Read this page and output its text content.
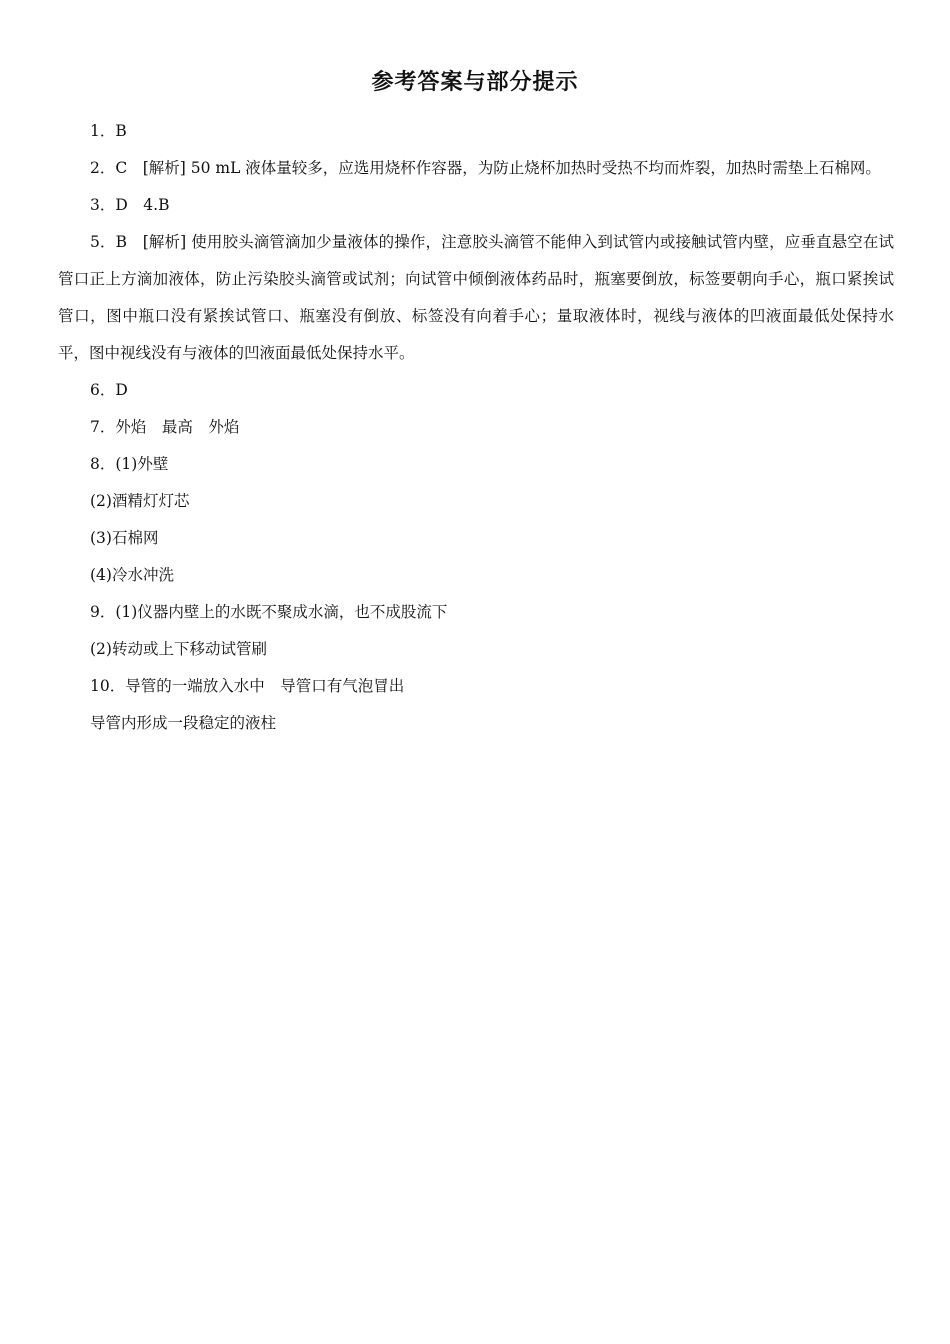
参考答案与部分提示
1．B
2．C　[解析] 50 mL 液体量较多，应选用烧杯作容器，为防止烧杯加热时受热不均而炸裂，加热时需垫上石棉网。
3．D　4.B
5．B　[解析] 使用胶头滴管滴加少量液体的操作，注意胶头滴管不能伸入到试管内或接触试管内壁，应垂直悬空在试管口正上方滴加液体，防止污染胶头滴管或试剂；向试管中倾倒液体药品时，瓶塞要倒放，标签要朝向手心，瓶口紧挨试管口，图中瓶口没有紧挨试管口、瓶塞没有倒放、标签没有向着手心；量取液体时，视线与液体的凹液面最低处保持水平，图中视线没有与液体的凹液面最低处保持水平。
6．D
7．外焰　最高　外焰
8．(1)外壁
(2)酒精灯灯芯
(3)石棉网
(4)冷水冲洗
9．(1)仪器内壁上的水既不聚成水滴，也不成股流下
(2)转动或上下移动试管刷
10．导管的一端放入水中　导管口有气泡冒出
导管内形成一段稳定的液柱
